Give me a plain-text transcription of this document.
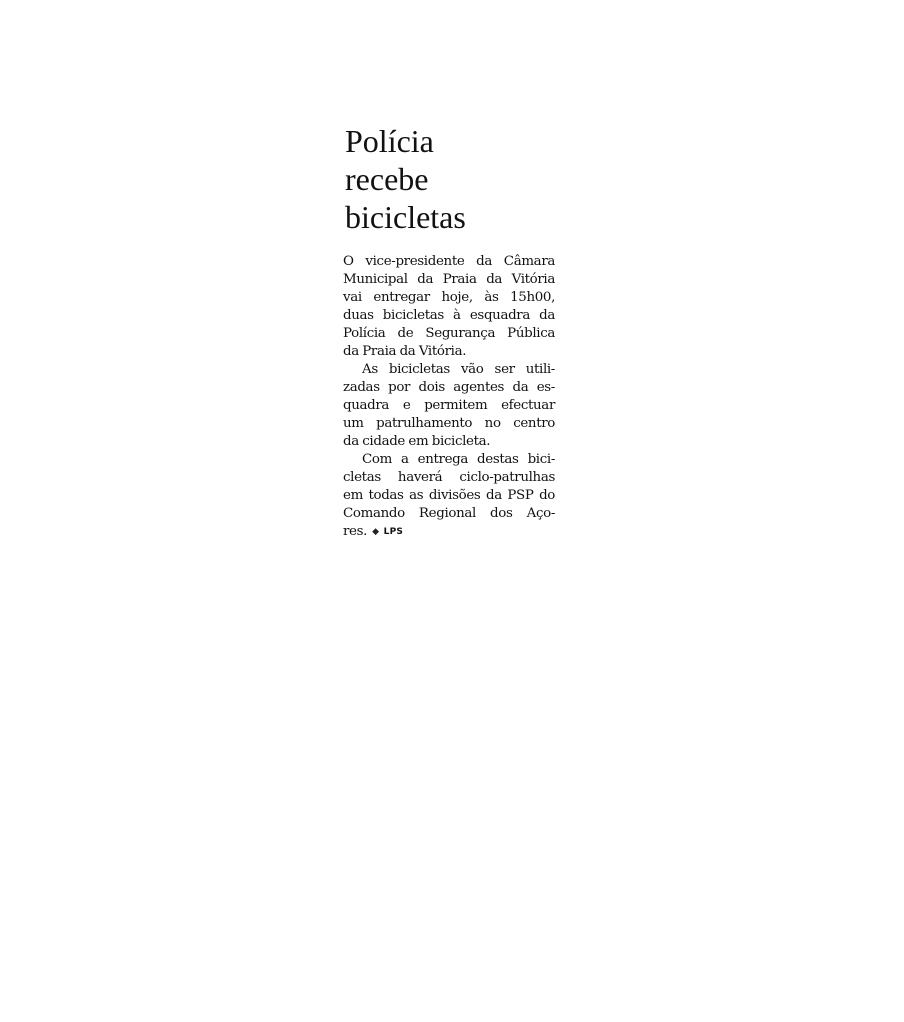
Polícia
recebe
bicicletas
O vice-presidente da Câmara
Municipal da Praia da Vitória
vai entregar hoje, às 15h00,
duas bicicletas à esquadra da
Polícia de Segurança Pública
da Praia da Vitória.
As bicicletas vão ser utili-
zadas por dois agentes da es-
quadra e permitem efectuar
um patrulhamento no centro
da cidade em bicicleta.
Com a entrega destas bici-
cletas haverá ciclo-patrulhas
em todas as divisões da PSP do
Comando Regional dos Aço-
res. ◆ LPS
